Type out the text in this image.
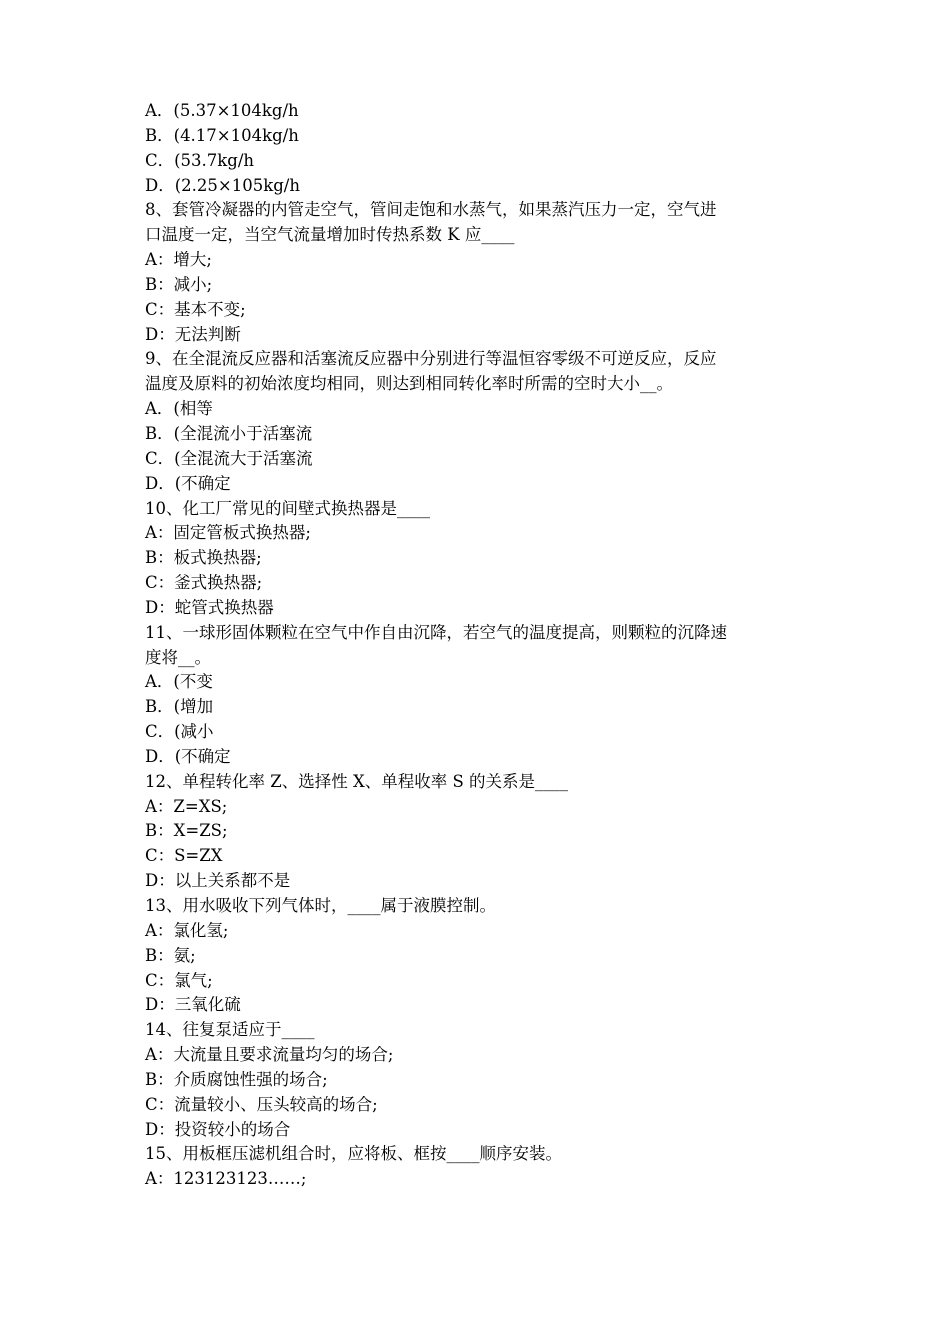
A．(5.37×104kg/h

B．(4.17×104kg/h

C．(53.7kg/h

D．(2.25×105kg/h

8、套管冷凝器的内管走空气，管间走饱和水蒸气，如果蒸汽压力一定，空气进

口温度一定，当空气流量增加时传热系数 K 应____

A：增大;

B：减小;

C：基本不变;

D：无法判断

9、在全混流反应器和活塞流反应器中分别进行等温恒容零级不可逆反应，反应

温度及原料的初始浓度均相同，则达到相同转化率时所需的空时大小__。

A．(相等

B．(全混流小于活塞流

C．(全混流大于活塞流

D．(不确定

10、化工厂常见的间壁式换热器是____

A：固定管板式换热器;

B：板式换热器;

C：釜式换热器;

D：蛇管式换热器

11、一球形固体颗粒在空气中作自由沉降，若空气的温度提高，则颗粒的沉降速

度将__。

A．(不变

B．(增加

C．(减小

D．(不确定

12、单程转化率 Z、选择性 X、单程收率 S 的关系是____

A：Z=XS;

B：X=ZS;

C：S=ZX

D：以上关系都不是

13、用水吸收下列气体时，____属于液膜控制。

A：氯化氢;

B：氨;

C：氯气;

D：三氧化硫

14、往复泵适应于____

A：大流量且要求流量均匀的场合;

B：介质腐蚀性强的场合;

C：流量较小、压头较高的场合;

D：投资较小的场合

15、用板框压滤机组合时，应将板、框按____顺序安装。

A：123123123……;
